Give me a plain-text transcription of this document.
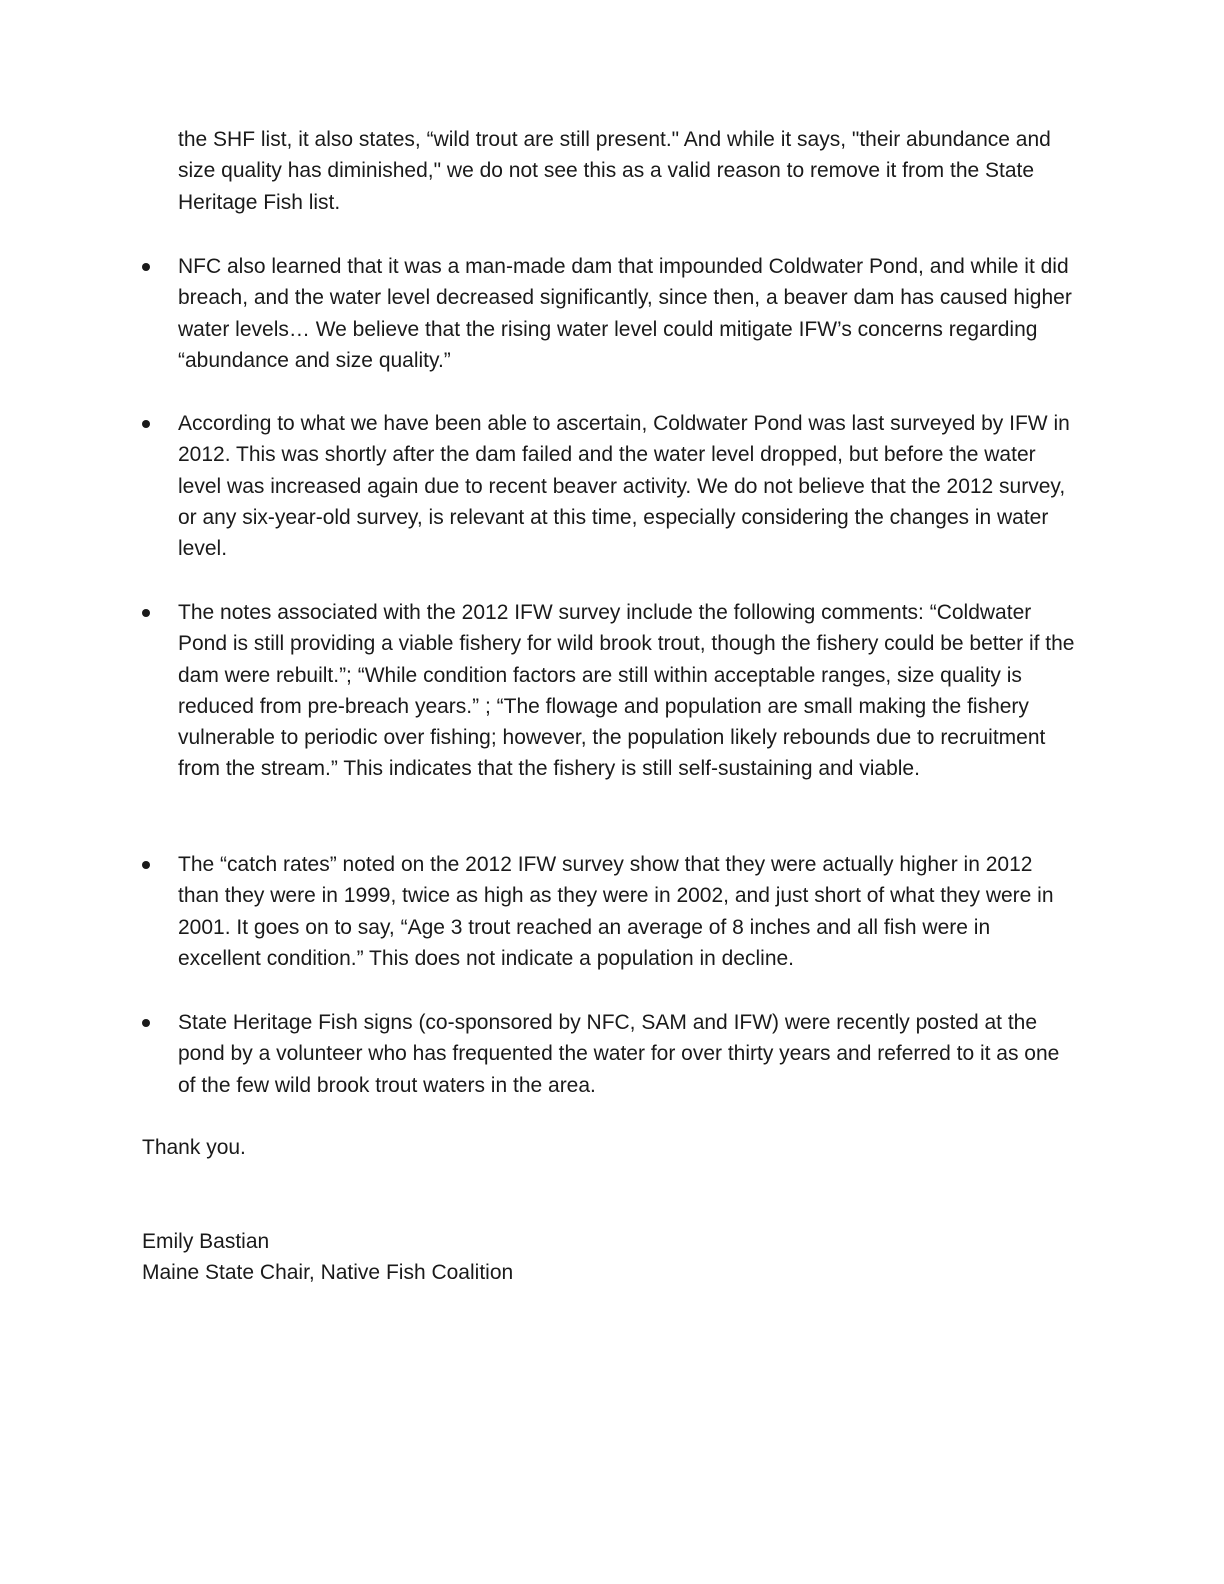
the SHF list, it also states, “wild trout are still present." And while it says, "their abundance and size quality has diminished," we do not see this as a valid reason to remove it from the State Heritage Fish list.

NFC also learned that it was a man-made dam that impounded Coldwater Pond, and while it did breach, and the water level decreased significantly, since then, a beaver dam has caused higher water levels… We believe that the rising water level could mitigate IFW’s concerns regarding “abundance and size quality.”

According to what we have been able to ascertain, Coldwater Pond was last surveyed by IFW in 2012. This was shortly after the dam failed and the water level dropped, but before the water level was increased again due to recent beaver activity. We do not believe that the 2012 survey, or any six-year-old survey, is relevant at this time, especially considering the changes in water level.

The notes associated with the 2012 IFW survey include the following comments: “Coldwater Pond is still providing a viable fishery for wild brook trout, though the fishery could be better if the dam were rebuilt.”; “While condition factors are still within acceptable ranges, size quality is reduced from pre-breach years.” ; “The flowage and population are small making the fishery vulnerable to periodic over fishing; however, the population likely rebounds due to recruitment from the stream.” This indicates that the fishery is still self-sustaining and viable.

The “catch rates” noted on the 2012 IFW survey show that they were actually higher in 2012 than they were in 1999, twice as high as they were in 2002, and just short of what they were in 2001. It goes on to say, “Age 3 trout reached an average of 8 inches and all fish were in excellent condition.” This does not indicate a population in decline.

State Heritage Fish signs (co-sponsored by NFC, SAM and IFW) were recently posted at the pond by a volunteer who has frequented the water for over thirty years and referred to it as one of the few wild brook trout waters in the area.

Thank you.

Emily Bastian
Maine State Chair, Native Fish Coalition
